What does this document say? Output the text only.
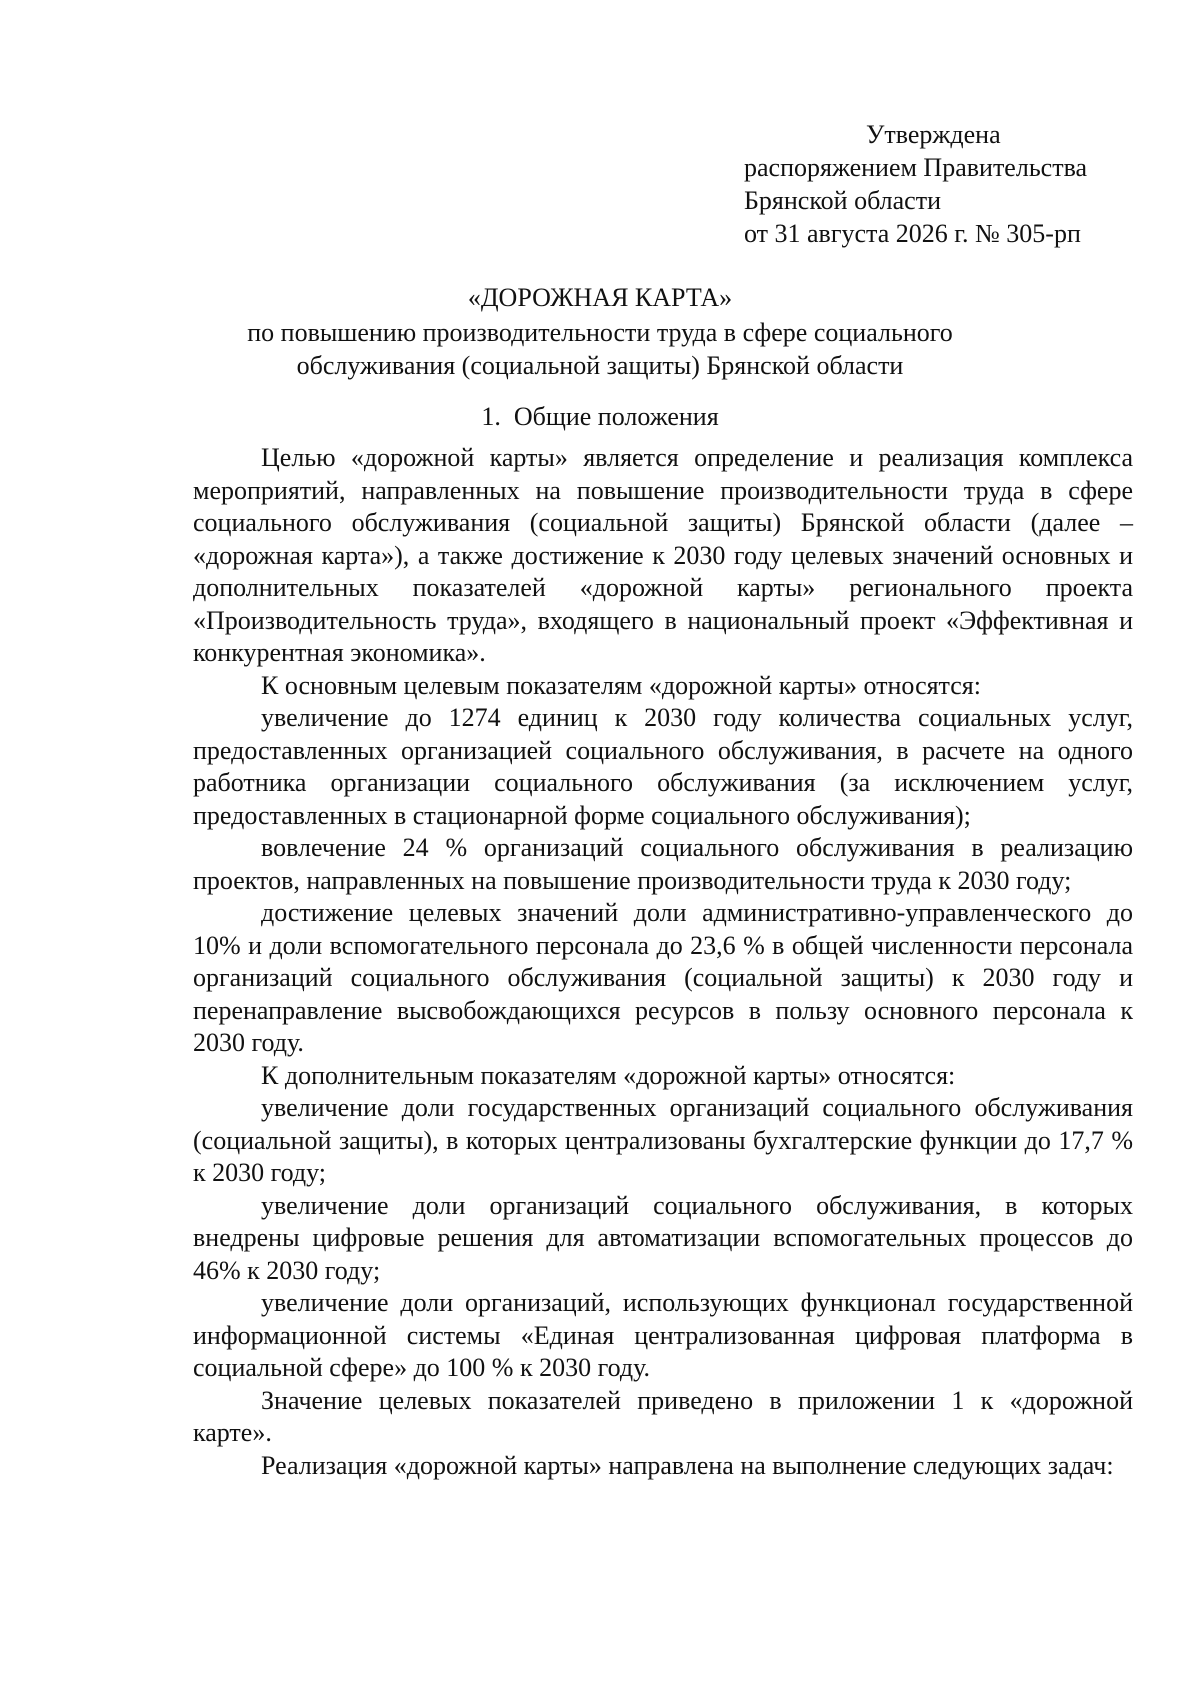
Утверждена
распоряжением Правительства
Брянской области
от 31 августа 2026 г. № 305-рп
«ДОРОЖНАЯ КАРТА»
по повышению производительности труда в сфере социального
обслуживания (социальной защиты) Брянской области
1. Общие положения

Целью «дорожной карты» является определение и реализация комплекса мероприятий, направленных на повышение производительности труда в сфере социального обслуживания (социальной защиты) Брянской области (далее – «дорожная карта»), а также достижение к 2030 году целевых значений основных и дополнительных показателей «дорожной карты» регионального проекта «Производительность труда», входящего в национальный проект «Эффективная и конкурентная экономика».

К основным целевым показателям «дорожной карты» относятся:

увеличение до 1274 единиц к 2030 году количества социальных услуг, предоставленных организацией социального обслуживания, в расчете на одного работника организации социального обслуживания (за исключением услуг, предоставленных в стационарной форме социального обслуживания);

вовлечение 24 % организаций социального обслуживания в реализацию проектов, направленных на повышение производительности труда к 2030 году;

достижение целевых значений доли административно-управленческого до 10% и доли вспомогательного персонала до 23,6 % в общей численности персонала организаций социального обслуживания (социальной защиты) к 2030 году и перенаправление высвобождающихся ресурсов в пользу основного персонала к 2030 году.

К дополнительным показателям «дорожной карты» относятся:

увеличение доли государственных организаций социального обслуживания (социальной защиты), в которых централизованы бухгалтерские функции до 17,7 % к 2030 году;

увеличение доли организаций социального обслуживания, в которых внедрены цифровые решения для автоматизации вспомогательных процессов до 46% к 2030 году;

увеличение доли организаций, использующих функционал государственной информационной системы «Единая централизованная цифровая платформа в социальной сфере» до 100 % к 2030 году.

Значение целевых показателей приведено в приложении 1 к «дорожной карте».

Реализация «дорожной карты» направлена на выполнение следующих задач:
